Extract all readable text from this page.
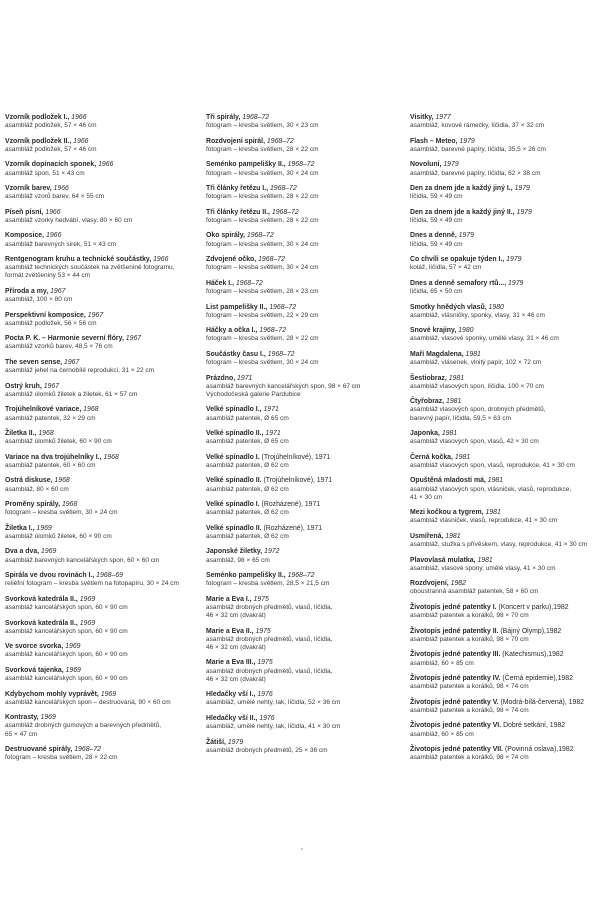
Vzorník podložek I., 1966
asambláž podložek, 57 × 46 cm
Vzorník podložek II., 1966
asambláž podložek, 57 × 46 cm
Vzorník dopínacích sponek, 1966
asambláž spon, 51 × 43 cm
Vzorník barev, 1966
asambláž vzorů barev, 64 × 55 cm
Píseň písní, 1966
asambláž vzorky hedvábí, vlasy, 80 × 60 cm
Komposice, 1966
asambláž barevných sirek, 51 × 43 cm
Rentgenogram kruhu a technické součástky, 1966
asambláž technických součástek na zvětšenině fotogramu,
formát zvětšeniny 53 × 44 cm
Příroda a my, 1967
asambláž, 100 × 80 cm
Perspektivní komposice, 1967
asambláž podložek, 56 × 56 cm
Pocta P. K. – Harmonie severní flóry, 1967
asambláž vzorků barev, 48,5 × 76 cm
The seven sense, 1967
asambláž jehel na černobílé reprodukci, 31 × 22 cm
Ostrý kruh, 1967
asambláž úlomků žiletek a žiletek, 61 × 57 cm
Trojúhelníkové variace, 1968
asambláž patentek, 32 × 29 cm
Žiletka II., 1968
asambláž úlomků žiletek, 60 × 90 cm
Variace na dva trojúhelníky I., 1968
asambláž patentek, 60 × 60 cm
Ostrá diskuse, 1968
asambláž, 80 × 60 cm
Proměny spirály, 1968
fotogram – kresba světlem, 30 × 24 cm
Žiletka I., 1969
asambláž úlomků žiletek, 60 × 90 cm
Dva a dva, 1969
asambláž barevných kancelářských spon, 60 × 60 cm
Spirála ve dvou rovinách I., 1968–69
reliéfní fotogram – kresba světlem na fotopapíru, 30 × 24 cm
Svorková katedrála II., 1969
asambláž kancelářských spon, 60 × 90 cm
Svorková katedrála II., 1969
asambláž kancelářských spon, 60 × 90 cm
Ve svorce svorka, 1969
asambláž kancelářských spon, 60 × 90 cm
Svorková tajenka, 1969
asambláž kancelářských spon, 60 × 90 cm
Kdybychom mohly vyprávět, 1969
asambláž kancelářských spon – destruovaná, 90 × 60 cm
Kontrasty, 1969
asambláž drobných gumových a barevných předmětů,
65 × 47 cm
Destruované spirály, 1968–72
fotogram – kresba světlem, 28 × 22 cm
Tři spirály, 1968–72
fotogram – kresba světlem, 30 × 23 cm
Rozdvojení spirál, 1968–72
fotogram – kresba světlem, 28 × 22 cm
Seménko pampelišky II., 1968–72
fotogram – kresba světlem, 30 × 24 cm
Tři články řetězu I., 1968–72
fotogram – kresba světlem, 28 × 22 cm
Tři články řetězu II., 1968–72
fotogram – kresba světlem, 28 × 22 cm
Oko spirály, 1968–72
fotogram – kresba světlem, 30 × 24 cm
Zdvojené očko, 1968–72
fotogram – kresba světlem, 30 × 24 cm
Háček I., 1968–72
fotogram – kresba světlem, 28 × 23 cm
List pampelišky II., 1968–72
fotogram – kresba světlem, 22 × 29 cm
Háčky a očka I., 1968–72
fotogram – kresba světlem, 28 × 22 cm
Součástky času I., 1968–72
fotogram – kresba světlem, 30 × 24 cm
Prázdno, 1971
asambláž barevných kancelářských spon, 98 × 67 cm
Východočeská galerie Pardubice
Velké spínadlo I., 1971
asambláž patentek, Ø 65 cm
Velké spínadlo II., 1971
asambláž patentek, Ø 65 cm
Velké spínadlo I. (Trojúhelníkové), 1971
asambláž patentek, Ø 62 cm
Velké spínadlo II. (Trojúhelníkové), 1971
asambláž patentek, Ø 62 cm
Velké spínadlo I. (Rozházené), 1971
asambláž patentek, Ø 62 cm
Velké spínadlo II. (Rozházené), 1971
asambláž patentek, Ø 62 cm
Japonské žiletky, 1972
asambláž, 98 × 65 cm
Seménko pampelišky II., 1968–72
fotogram – kresba světlem, 28,5 × 21,5 cm
Marie a Eva I., 1975
asambláž drobných předmětů, vlasů, líčidla,
46 × 32 cm (dvakrát)
Marie a Eva II., 1975
asambláž drobných předmětů, vlasů, líčidla,
46 × 32 cm (dvakrát)
Marie a Eva III., 1975
asambláž drobných předmětů, vlasů, líčidla,
46 × 32 cm (dvakrát)
Hledačky vší I., 1976
asambláž, umělé nehty, lak, líčidla, 52 × 36 cm
Hledačky vší II., 1976
asambláž, umělé nehty, lak, líčidla, 41 × 30 cm
Žátiší, 1979
asambláž drobných předmětů, 25 × 36 cm
Visitky, 1977
asambláž, kovové rámečky, líčidla, 37 × 32 cm
Flash – Meteo, 1979
asambláž, barevné papíry, líčidla, 35,5 × 26 cm
Novoluní, 1979
asambláž, barevné papíry, líčidla, 62 × 38 cm
Den za dnem jde a každý jiný I., 1979
líčidla, 59 × 49 cm
Den za dnem jde a každý jiný II., 1979
líčidla, 59 × 49 cm
Dnes a denně, 1979
líčidla, 59 × 49 cm
Co chvíli se opakuje týden I., 1979
koláž, líčidla, 57 × 42 cm
Dnes a denně semafory rtů..., 1979
líčidla, 65 × 50 cm
Smotky hnědých vlasů, 1980
asambláž, vlásničky, sponky, vlasy, 31 × 46 cm
Snové krajiny, 1980
asambláž, vlasové sponky, umělé vlasy, 31 × 46 cm
Maří Magdalena, 1981
asambláž, vlásenek, vlnitý papír, 102 × 72 cm
Šestiobraz, 1981
asambláž vlasových spon, líčidla, 100 × 70 cm
Čtyřobraz, 1981
asambláž vlasových spon, drobných předmětů,
barevný papír, líčidla, 59,5 × 63 cm
Japonka, 1981
asambláž vlasových spon, vlasů, 42 × 30 cm
Černá kočka, 1981
asambláž vlasových spon, vlasů, reprodukce, 41 × 30 cm
Opuštěná mladosti má, 1981
asambláž vlasových spon, vlásniček, vlasů, reprodukce,
41 × 30 cm
Mezi kočkou a tygrem, 1981
asambláž vlásniček, vlasů, reprodukce, 41 × 30 cm
Usmířená, 1981
asambláž, stužka s přívěskem, vlasy, reprodukce, 41 × 30 cm
Plavovlasá mulatka, 1981
asambláž, vlasové spony, umělé vlasy, 41 × 30 cm
Rozdvojení, 1982
oboustranná asambláž patentek, 58 × 60 cm
Životopis jedné patentky I. (Koncert v parku),1982
asambláž patentek a korálků, 98 × 70 cm
Životopis jedné patentky II. (Bájný Olymp),1982
asambláž patentek a korálků, 98 × 70 cm
Životopis jedné patentky III. (Katechismus),1982
asambláž, 60 × 85 cm
Životopis jedné patentky IV. (Černá epidemie),1982
asambláž patentek a korálků, 98 × 74 cm
Životopis jedné patentky V. (Modrá-bílá-červená), 1982
asambláž patentek a korálků, 98 × 74 cm
Životopis jedné patentky VI. Dobré setkání, 1982
asambláž, 60 × 85 cm
Životopis jedné patentky VII. (Povinná oslava),1982
asambláž patentek a korálků, 98 × 74 cm
